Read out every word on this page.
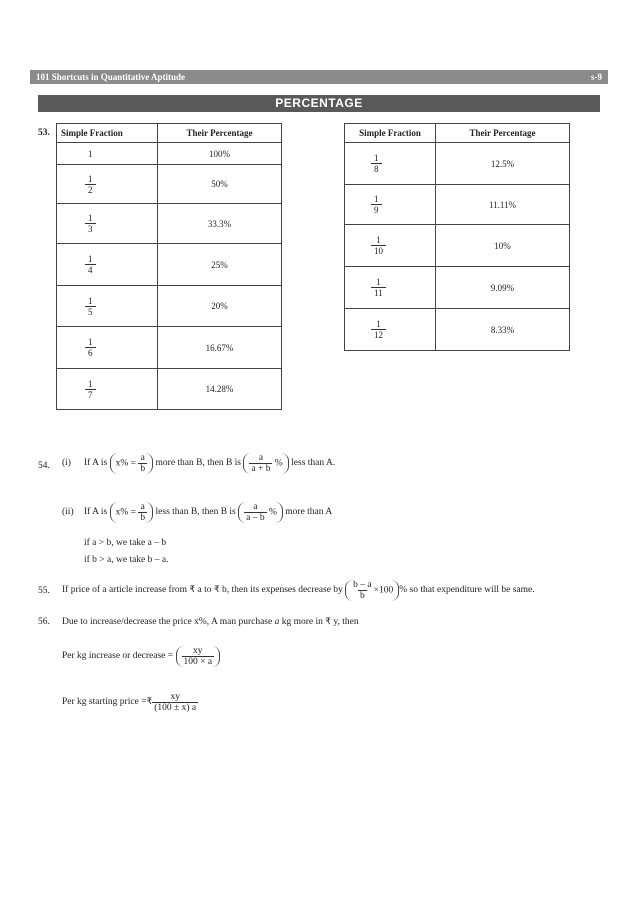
101 Shortcuts in Quantitative Aptitude	s-9
PERCENTAGE
53. Simple Fraction	Their Percentage

1	100%

$\frac{1}{2}$	50%

$\frac{1}{3}$	33.3%

$\frac{1}{4}$	25%

$\frac{1}{5}$	20%

$\frac{1}{6}$	16.67%

$\frac{1}{7}$	14.28%
Simple Fraction	Their Percentage

$\frac{1}{8}$	12.5%

$\frac{1}{9}$	11.11%

$\frac{1}{10}$	10%

$\frac{1}{11}$	9.09%

$\frac{1}{12}$	8.33%
54. (i)	If A is
$x\% = \frac{a}{b}$
more than B, then B is
$\frac{a}{a + b}$ %
less than A.
(ii)	If A is
$x\% = \frac{a}{b}$
less than B, then B is
$\frac{a}{a - b}$ %
more than A
if a > b, we take a – b
if b > a, we take b – a.
55. If price of a article increase from
₹
a to
₹
b, then its expenses decrease by
$\frac{b - a}{b} \times 100$ %
so that expenditure will be same.
56. Due to increase/decrease the price x%, A man purchase a kg more in ₹ y, then
Per kg increase or decrease =
$\frac{xy}{100 \times a}$
Per kg starting price = ₹ $\frac{xy}{(100 \pm x) a}$
